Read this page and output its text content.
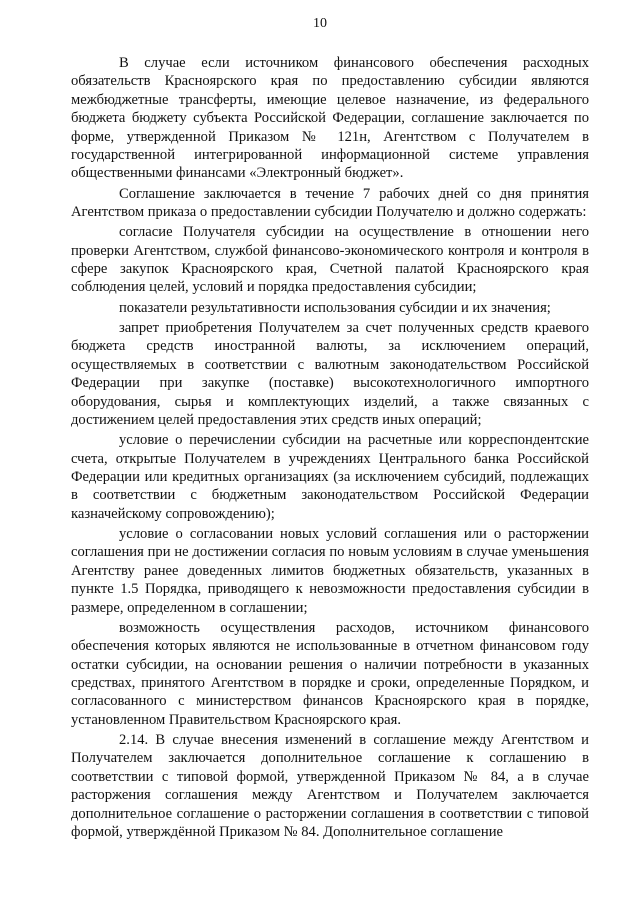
10

В случае если источником финансового обеспечения расходных обязательств Красноярского края по предоставлению субсидии являются межбюджетные трансферты, имеющие целевое назначение, из федерального бюджета бюджету субъекта Российской Федерации, соглашение заключается по форме, утвержденной Приказом № 121н, Агентством с Получателем в государственной интегрированной информационной системе управления общественными финансами «Электронный бюджет».

Соглашение заключается в течение 7 рабочих дней со дня принятия Агентством приказа о предоставлении субсидии Получателю и должно содержать:

согласие Получателя субсидии на осуществление в отношении него проверки Агентством, службой финансово-экономического контроля и контроля в сфере закупок Красноярского края, Счетной палатой Красноярского края соблюдения целей, условий и порядка предоставления субсидии;

показатели результативности использования субсидии и их значения;

запрет приобретения Получателем за счет полученных средств краевого бюджета средств иностранной валюты, за исключением операций, осуществляемых в соответствии с валютным законодательством Российской Федерации при закупке (поставке) высокотехнологичного импортного оборудования, сырья и комплектующих изделий, а также связанных с достижением целей предоставления этих средств иных операций;

условие о перечислении субсидии на расчетные или корреспондентские счета, открытые Получателем в учреждениях Центрального банка Российской Федерации или кредитных организациях (за исключением субсидий, подлежащих в соответствии с бюджетным законодательством Российской Федерации казначейскому сопровождению);

условие о согласовании новых условий соглашения или о расторжении соглашения при не достижении согласия по новым условиям в случае уменьшения Агентству ранее доведенных лимитов бюджетных обязательств, указанных в пункте 1.5 Порядка, приводящего к невозможности предоставления субсидии в размере, определенном в соглашении;

возможность осуществления расходов, источником финансового обеспечения которых являются не использованные в отчетном финансовом году остатки субсидии, на основании решения о наличии потребности в указанных средствах, принятого Агентством в порядке и сроки, определенные Порядком, и согласованного с министерством финансов Красноярского края в порядке, установленном Правительством Красноярского края.

2.14. В случае внесения изменений в соглашение между Агентством и Получателем заключается дополнительное соглашение к соглашению в соответствии с типовой формой, утвержденной Приказом № 84, а в случае расторжения соглашения между Агентством и Получателем заключается дополнительное соглашение о расторжении соглашения в соответствии с типовой формой, утверждённой Приказом № 84. Дополнительное соглашение
